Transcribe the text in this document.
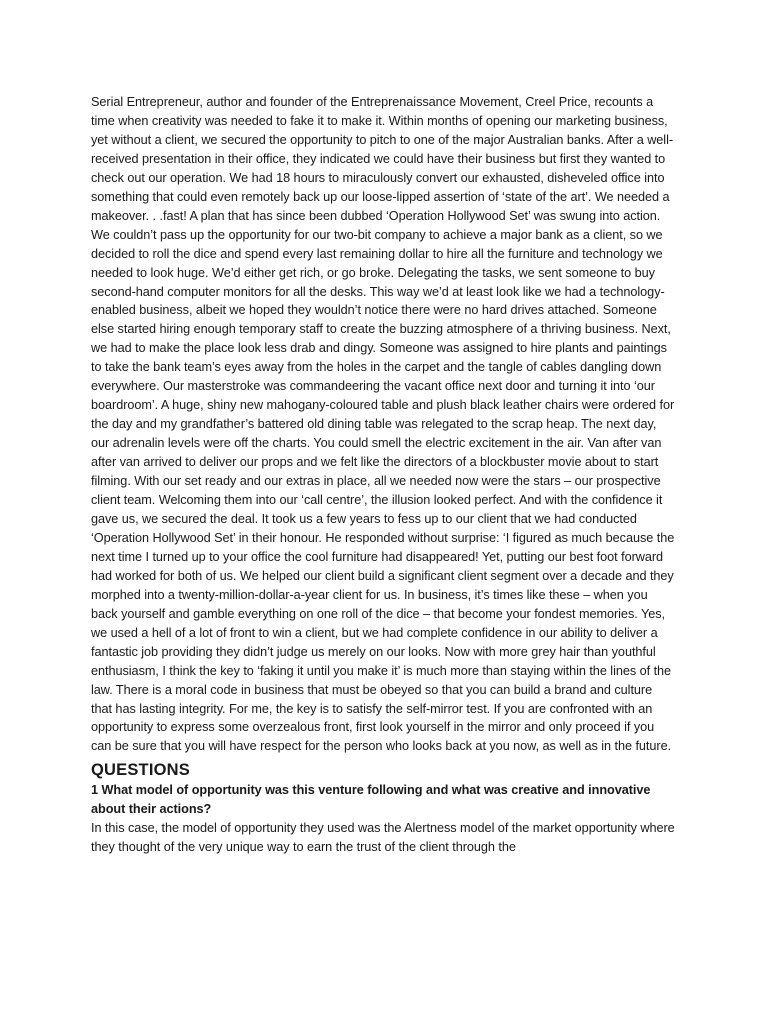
Serial Entrepreneur, author and founder of the Entreprenaissance Movement, Creel Price, recounts a time when creativity was needed to fake it to make it. Within months of opening our marketing business, yet without a client, we secured the opportunity to pitch to one of the major Australian banks. After a well-received presentation in their office, they indicated we could have their business but first they wanted to check out our operation. We had 18 hours to miraculously convert our exhausted, disheveled office into something that could even remotely back up our loose-lipped assertion of ‘state of the art’. We needed a makeover. . .fast! A plan that has since been dubbed ‘Operation Hollywood Set’ was swung into action. We couldn’t pass up the opportunity for our two-bit company to achieve a major bank as a client, so we decided to roll the dice and spend every last remaining dollar to hire all the furniture and technology we needed to look huge. We’d either get rich, or go broke. Delegating the tasks, we sent someone to buy second-hand computer monitors for all the desks. This way we’d at least look like we had a technology-enabled business, albeit we hoped they wouldn’t notice there were no hard drives attached. Someone else started hiring enough temporary staff to create the buzzing atmosphere of a thriving business. Next, we had to make the place look less drab and dingy. Someone was assigned to hire plants and paintings to take the bank team’s eyes away from the holes in the carpet and the tangle of cables dangling down everywhere. Our masterstroke was commandeering the vacant office next door and turning it into ‘our boardroom’. A huge, shiny new mahogany-coloured table and plush black leather chairs were ordered for the day and my grandfather’s battered old dining table was relegated to the scrap heap. The next day, our adrenalin levels were off the charts. You could smell the electric excitement in the air. Van after van after van arrived to deliver our props and we felt like the directors of a blockbuster movie about to start filming. With our set ready and our extras in place, all we needed now were the stars – our prospective client team. Welcoming them into our ‘call centre’, the illusion looked perfect. And with the confidence it gave us, we secured the deal. It took us a few years to fess up to our client that we had conducted ‘Operation Hollywood Set’ in their honour. He responded without surprise: ‘I figured as much because the next time I turned up to your office the cool furniture had disappeared! Yet, putting our best foot forward had worked for both of us. We helped our client build a significant client segment over a decade and they morphed into a twenty-million-dollar-a-year client for us. In business, it’s times like these – when you back yourself and gamble everything on one roll of the dice – that become your fondest memories. Yes, we used a hell of a lot of front to win a client, but we had complete confidence in our ability to deliver a fantastic job providing they didn’t judge us merely on our looks. Now with more grey hair than youthful enthusiasm, I think the key to ‘faking it until you make it’ is much more than staying within the lines of the law. There is a moral code in business that must be obeyed so that you can build a brand and culture that has lasting integrity. For me, the key is to satisfy the self-mirror test. If you are confronted with an opportunity to express some overzealous front, first look yourself in the mirror and only proceed if you can be sure that you will have respect for the person who looks back at you now, as well as in the future.

QUESTIONS

1 What model of opportunity was this venture following and what was creative and innovative about their actions?

In this case, the model of opportunity they used was the Alertness model of the market opportunity where they thought of the very unique way to earn the trust of the client through the
